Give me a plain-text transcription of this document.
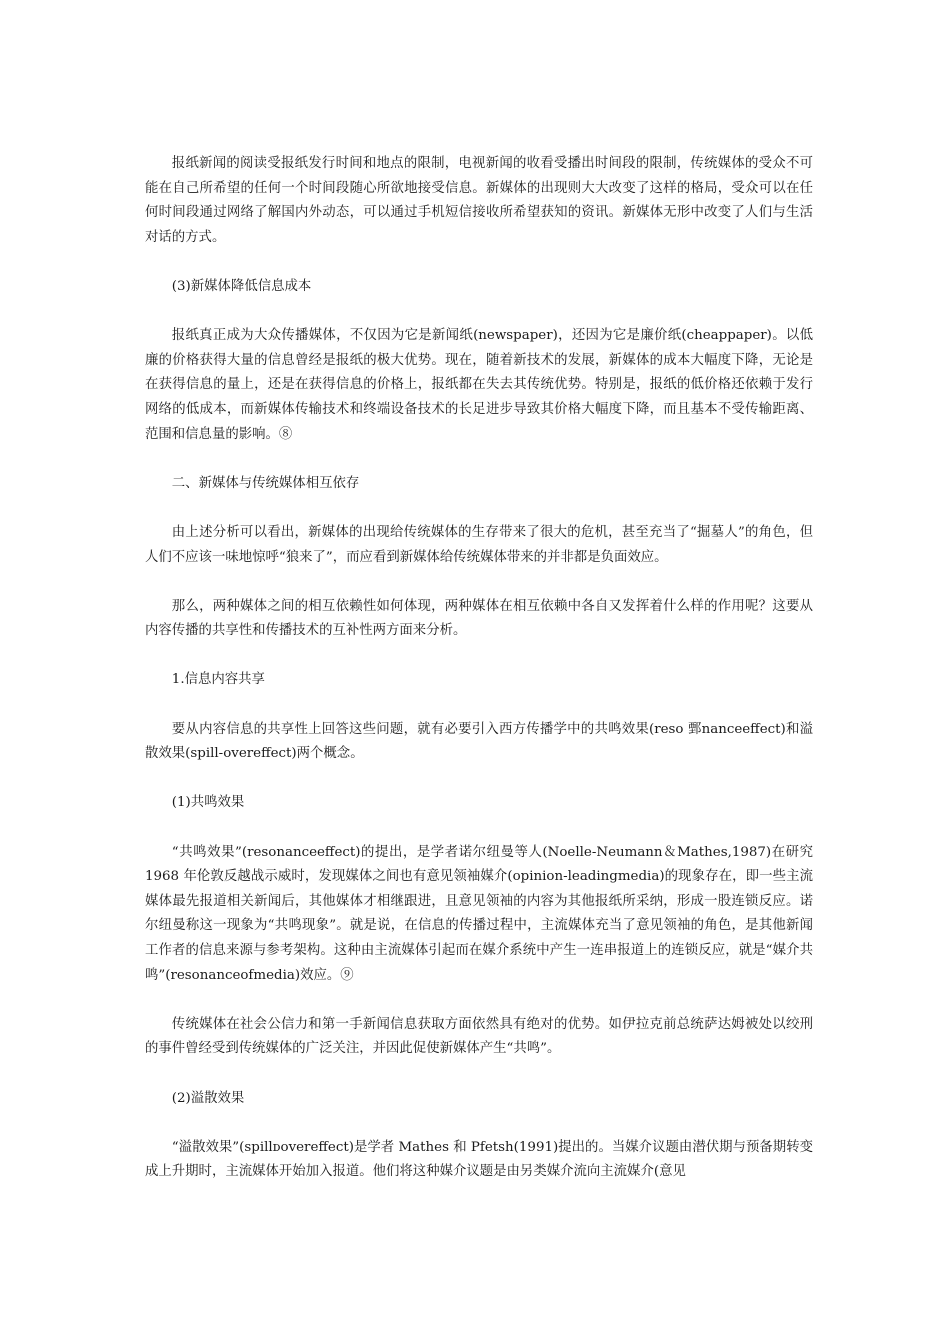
报纸新闻的阅读受报纸发行时间和地点的限制，电视新闻的收看受播出时间段的限制，传统媒体的受众不可能在自己所希望的任何一个时间段随心所欲地接受信息。新媒体的出现则大大改变了这样的格局，受众可以在任何时间段通过网络了解国内外动态，可以通过手机短信接收所希望获知的资讯。新媒体无形中改变了人们与生活对话的方式。

(3)新媒体降低信息成本

报纸真正成为大众传播媒体，不仅因为它是新闻纸(newspaper)，还因为它是廉价纸(cheappaper)。以低廉的价格获得大量的信息曾经是报纸的极大优势。现在，随着新技术的发展，新媒体的成本大幅度下降，无论是在获得信息的量上，还是在获得信息的价格上，报纸都在失去其传统优势。特别是，报纸的低价格还依赖于发行网络的低成本，而新媒体传输技术和终端设备技术的长足进步导致其价格大幅度下降，而且基本不受传输距离、范围和信息量的影响。⑧

二、新媒体与传统媒体相互依存

由上述分析可以看出，新媒体的出现给传统媒体的生存带来了很大的危机，甚至充当了“掘墓人”的角色，但人们不应该一味地惊呼“狼来了”，而应看到新媒体给传统媒体带来的并非都是负面效应。

那么，两种媒体之间的相互依赖性如何体现，两种媒体在相互依赖中各自又发挥着什么样的作用呢？这要从内容传播的共享性和传播技术的互补性两方面来分析。

1.信息内容共享

要从内容信息的共享性上回答这些问题，就有必要引入西方传播学中的共鸣效果(reso 鄄nanceeffect)和溢散效果(spill-overeffect)两个概念。

(1)共鸣效果

“共鸣效果”(resonanceeffect)的提出，是学者诺尔纽曼等人(Noelle-Neumann＆Mathes,1987)在研究 1968 年伦敦反越战示威时，发现媒体之间也有意见领袖媒介(opinion-leadingmedia)的现象存在，即一些主流媒体最先报道相关新闻后，其他媒体才相继跟进，且意见领袖的内容为其他报纸所采纳，形成一股连锁反应。诺尔纽曼称这一现象为“共鸣现象”。就是说，在信息的传播过程中，主流媒体充当了意见领袖的角色，是其他新闻工作者的信息来源与参考架构。这种由主流媒体引起而在媒介系统中产生一连串报道上的连锁反应，就是“媒介共鸣”(resonanceofmedia)效应。⑨

传统媒体在社会公信力和第一手新闻信息获取方面依然具有绝对的优势。如伊拉克前总统萨达姆被处以绞刑的事件曾经受到传统媒体的广泛关注，并因此促使新媒体产生“共鸣”。

(2)溢散效果

“溢散效果”(spillᴅovereffect)是学者 Mathes 和 Pfetsh(1991)提出的。当媒介议题由潜伏期与预备期转变成上升期时，主流媒体开始加入报道。他们将这种媒介议题是由另类媒介流向主流媒介(意见
